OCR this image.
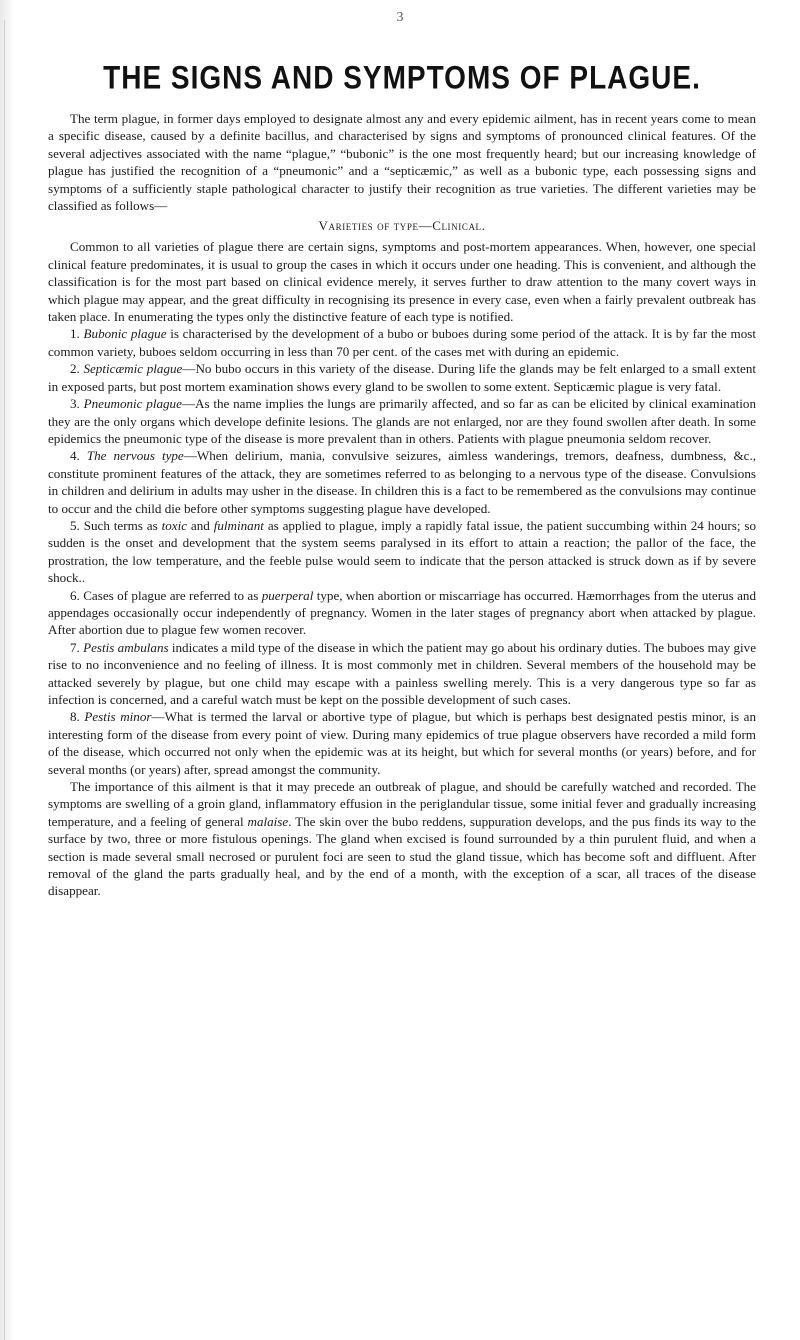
3
THE SIGNS AND SYMPTOMS OF PLAGUE.

The term plague, in former days employed to designate almost any and every epidemic ailment, has in recent years come to mean a specific disease, caused by a definite bacillus, and characterised by signs and symptoms of pronounced clinical features. Of the several adjectives associated with the name “plague,” “bubonic” is the one most frequently heard; but our increasing knowledge of plague has justified the recognition of a “pneumonic” and a “septicæmic,” as well as a bubonic type, each possessing signs and symptoms of a sufficiently staple pathological character to justify their recognition as true varieties. The different varieties may be classified as follows—

Varieties of type—Clinical.

Common to all varieties of plague there are certain signs, symptoms and post-mortem appearances. When, however, one special clinical feature predominates, it is usual to group the cases in which it occurs under one heading. This is convenient, and although the classification is for the most part based on clinical evidence merely, it serves further to draw attention to the many covert ways in which plague may appear, and the great difficulty in recognising its presence in every case, even when a fairly prevalent outbreak has taken place. In enumerating the types only the distinctive feature of each type is notified.

1. Bubonic plague is characterised by the development of a bubo or buboes during some period of the attack. It is by far the most common variety, buboes seldom occurring in less than 70 per cent. of the cases met with during an epidemic.

2. Septicæmic plague—No bubo occurs in this variety of the disease. During life the glands may be felt enlarged to a small extent in exposed parts, but post mortem examination shows every gland to be swollen to some extent. Septicæmic plague is very fatal.

3. Pneumonic plague—As the name implies the lungs are primarily affected, and so far as can be elicited by clinical examination they are the only organs which develope definite lesions. The glands are not enlarged, nor are they found swollen after death. In some epidemics the pneumonic type of the disease is more prevalent than in others. Patients with plague pneumonia seldom recover.

4. The nervous type—When delirium, mania, convulsive seizures, aimless wanderings, tremors, deafness, dumbness, &c., constitute prominent features of the attack, they are sometimes referred to as belonging to a nervous type of the disease. Convulsions in children and delirium in adults may usher in the disease. In children this is a fact to be remembered as the convulsions may continue to occur and the child die before other symptoms suggesting plague have developed.

5. Such terms as toxic and fulminant as applied to plague, imply a rapidly fatal issue, the patient succumbing within 24 hours; so sudden is the onset and development that the system seems paralysed in its effort to attain a reaction; the pallor of the face, the prostration, the low temperature, and the feeble pulse would seem to indicate that the person attacked is struck down as if by severe shock..

6. Cases of plague are referred to as puerperal type, when abortion or miscarriage has occurred. Hæmorrhages from the uterus and appendages occasionally occur independently of pregnancy. Women in the later stages of pregnancy abort when attacked by plague. After abortion due to plague few women recover.

7. Pestis ambulans indicates a mild type of the disease in which the patient may go about his ordinary duties. The buboes may give rise to no inconvenience and no feeling of illness. It is most commonly met in children. Several members of the household may be attacked severely by plague, but one child may escape with a painless swelling merely. This is a very dangerous type so far as infection is concerned, and a careful watch must be kept on the possible development of such cases.

8. Pestis minor—What is termed the larval or abortive type of plague, but which is perhaps best designated pestis minor, is an interesting form of the disease from every point of view. During many epidemics of true plague observers have recorded a mild form of the disease, which occurred not only when the epidemic was at its height, but which for several months (or years) before, and for several months (or years) after, spread amongst the community.

The importance of this ailment is that it may precede an outbreak of plague, and should be carefully watched and recorded. The symptoms are swelling of a groin gland, inflammatory effusion in the periglandular tissue, some initial fever and gradually increasing temperature, and a feeling of general malaise. The skin over the bubo reddens, suppuration develops, and the pus finds its way to the surface by two, three or more fistulous openings. The gland when excised is found surrounded by a thin purulent fluid, and when a section is made several small necrosed or purulent foci are seen to stud the gland tissue, which has become soft and diffluent. After removal of the gland the parts gradually heal, and by the end of a month, with the exception of a scar, all traces of the disease disappear.
